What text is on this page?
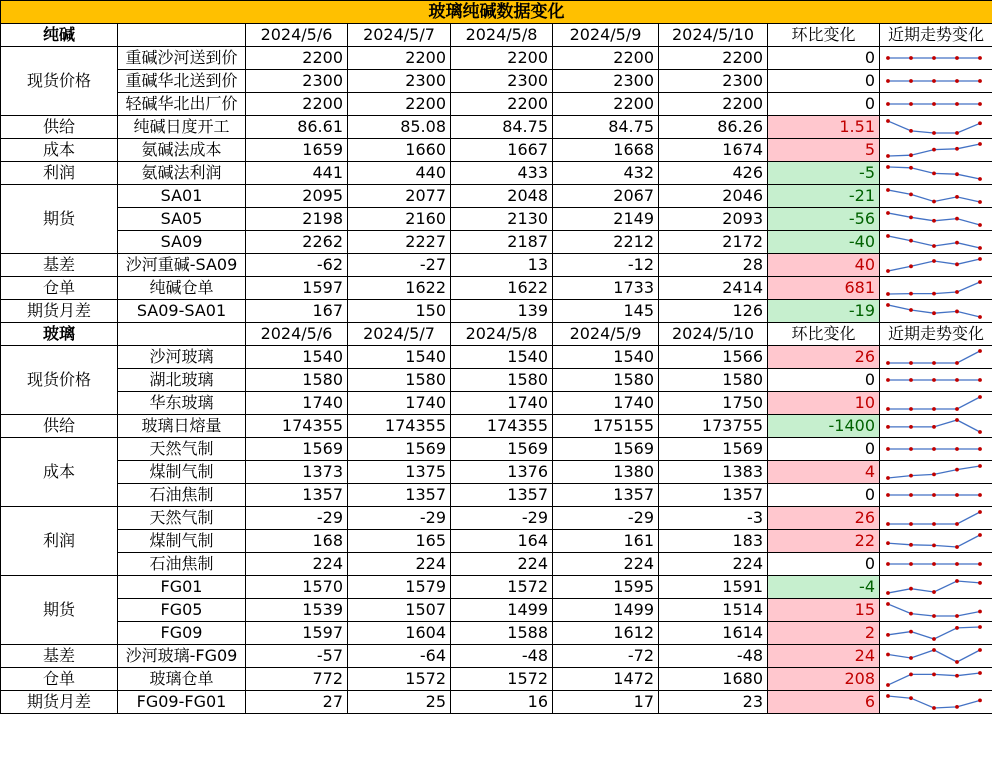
玻璃纯碱数据变化								
纯碱		2024/5/6	2024/5/7	2024/5/8	2024/5/9	2024/5/10	环比变化	近期走势变化
现货价格	重碱沙河送到价	2200	2200	2200	2200	2200	0	

	重碱华北送到价	2300	2300	2300	2300	2300	0	

	轻碱华北出厂价	2200	2200	2200	2200	2200	0	

供给	纯碱日度开工	86.61	85.08	84.75	84.75	86.26	1.51	

成本	氨碱法成本	1659	1660	1667	1668	1674	5	

利润	氨碱法利润	441	440	433	432	426	-5	

期货	SA01	2095	2077	2048	2067	2046	-21	

	SA05	2198	2160	2130	2149	2093	-56	

	SA09	2262	2227	2187	2212	2172	-40	

基差	沙河重碱-SA09	-62	-27	13	-12	28	40	

仓单	纯碱仓单	1597	1622	1622	1733	2414	681	

期货月差	SA09-SA01	167	150	139	145	126	-19	

玻璃		2024/5/6	2024/5/7	2024/5/8	2024/5/9	2024/5/10	环比变化	近期走势变化
现货价格	沙河玻璃	1540	1540	1540	1540	1566	26	

	湖北玻璃	1580	1580	1580	1580	1580	0	

	华东玻璃	1740	1740	1740	1740	1750	10	

供给	玻璃日熔量	174355	174355	174355	175155	173755	-1400	

成本	天然气制	1569	1569	1569	1569	1569	0	

	煤制气制	1373	1375	1376	1380	1383	4	

	石油焦制	1357	1357	1357	1357	1357	0	

利润	天然气制	-29	-29	-29	-29	-3	26	

	煤制气制	168	165	164	161	183	22	

	石油焦制	224	224	224	224	224	0	

期货	FG01	1570	1579	1572	1595	1591	-4	

	FG05	1539	1507	1499	1499	1514	15	

	FG09	1597	1604	1588	1612	1614	2	

基差	沙河玻璃-FG09	-57	-64	-48	-72	-48	24	

仓单	玻璃仓单	772	1572	1572	1472	1680	208	

期货月差	FG09-FG01	27	25	16	17	23	6	
